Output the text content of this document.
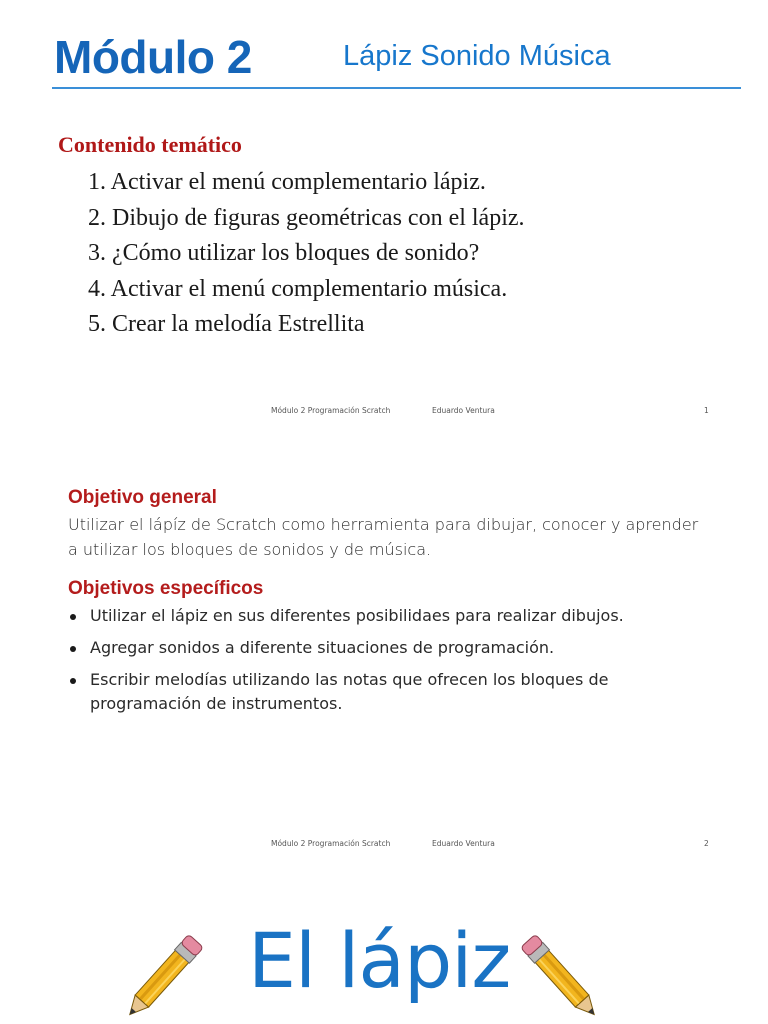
Módulo 2	Lápiz Sonido Música
Contenido temático
1. Activar el menú complementario lápiz.
2. Dibujo de figuras geométricas con el lápiz.
3. ¿Cómo utilizar los bloques de sonido?
4. Activar el menú complementario música.
5. Crear la melodía Estrellita
Módulo 2 Programación Scratch	Eduardo Ventura	1
Objetivo general
Utilizar el lápíz de Scratch como herramienta para dibujar, conocer y aprender a utilizar los bloques de sonidos y de música.
Objetivos específicos
Utilizar el lápiz en sus diferentes posibilidaes para realizar dibujos.
Agregar sonidos a diferente situaciones de programación.
Escribir melodías utilizando las notas que ofrecen los bloques de programación de instrumentos.
Módulo 2 Programación Scratch	Eduardo Ventura	2
El lápiz
